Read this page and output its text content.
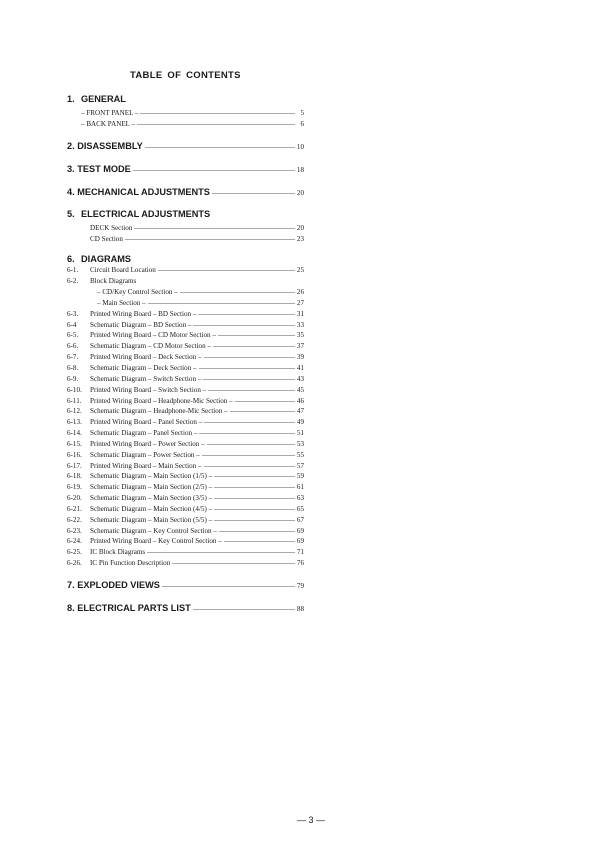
TABLE OF CONTENTS
1. GENERAL
– FRONT PANEL –	5
– BACK PANEL –	6
2. DISASSEMBLY	10
3. TEST MODE	18
4. MECHANICAL ADJUSTMENTS	20
5. ELECTRICAL ADJUSTMENTS
DECK Section	20
CD Section	23
6. DIAGRAMS
6-1.	Circuit Board Location	25
6-2.	Block Diagrams
– CD/Key Control Section –	26
– Main Section –	27
6-3.	Printed Wiring Board – BD Section –	31
6-4	Schematic Diagram – BD Section –	33
6-5.	Printed Wiring Board – CD Motor Section –	35
6-6.	Schematic Diagram – CD Motor Section –	37
6-7.	Printed Wiring Board – Deck Section –	39
6-8.	Schematic Diagram – Deck Section –	41
6-9.	Schematic Diagram – Switch Section –	43
6-10.	Printed Wiring Board – Switch Section –	45
6-11.	Printed Wiring Board – Headphone-Mic Section –	46
6-12.	Schematic Diagram – Headphone-Mic Section –	47
6-13.	Printed Wiring Board – Panel Section –	49
6-14.	Schematic Diagram – Panel Section –	51
6-15.	Printed Wiring Board – Power Section –	53
6-16.	Schematic Diagram – Power Section –	55
6-17.	Printed Wiring Board – Main Section –	57
6-18.	Schematic Diagram – Main Section (1/5) –	59
6-19.	Schematic Diagram – Main Section (2/5) –	61
6-20.	Schematic Diagram – Main Section (3/5) –	63
6-21.	Schematic Diagram – Main Section (4/5) –	65
6-22.	Schematic Diagram – Main Section (5/5) –	67
6-23.	Schematic Diagram – Key Control Section –	69
6-24.	Printed Wiring Board – Key Control Section –	69
6-25.	IC Block Diagrams	71
6-26.	IC Pin Function Description	76
7. EXPLODED VIEWS	79
8. ELECTRICAL PARTS LIST	88

— 3 —
